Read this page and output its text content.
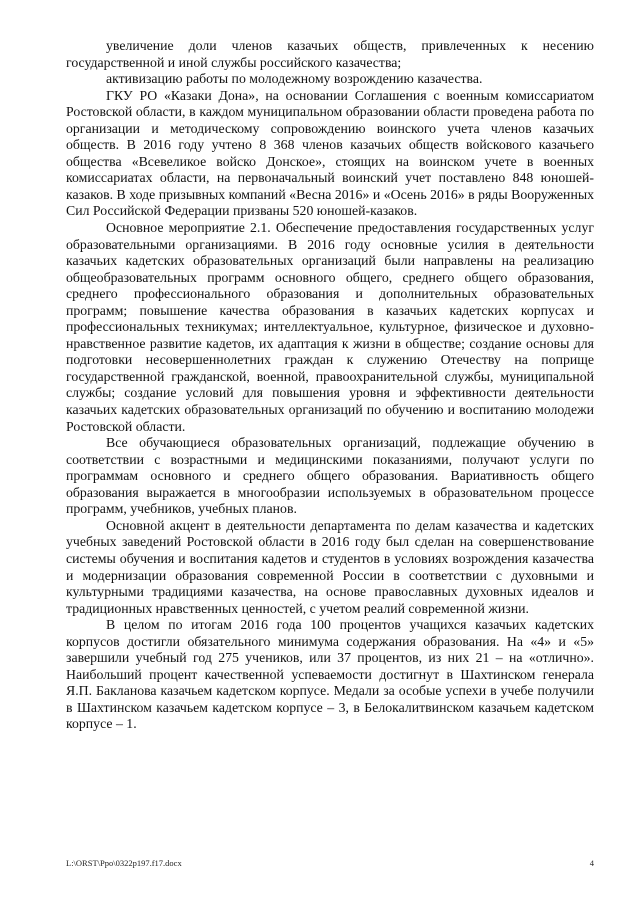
увеличение доли членов казачьих обществ, привлеченных к несению государственной и иной службы российского казачества;

активизацию работы по молодежному возрождению казачества.

ГКУ РО «Казаки Дона», на основании Соглашения с военным комиссариатом Ростовской области, в каждом муниципальном образовании области проведена работа по организации и методическому сопровождению воинского учета членов казачьих обществ. В 2016 году учтено 8 368 членов казачьих обществ войскового казачьего общества «Всевеликое войско Донское», стоящих на воинском учете в военных комиссариатах области, на первоначальный воинский учет поставлено 848 юношей-казаков. В ходе призывных компаний «Весна 2016» и «Осень 2016» в ряды Вооруженных Сил Российской Федерации призваны 520 юношей-казаков.

Основное мероприятие 2.1. Обеспечение предоставления государственных услуг образовательными организациями. В 2016 году основные усилия в деятельности казачьих кадетских образовательных организаций были направлены на реализацию общеобразовательных программ основного общего, среднего общего образования, среднего профессионального образования и дополнительных образовательных программ; повышение качества образования в казачьих кадетских корпусах и профессиональных техникумах; интеллектуальное, культурное, физическое и духовно-нравственное развитие кадетов, их адаптация к жизни в обществе; создание основы для подготовки несовершеннолетних граждан к служению Отечеству на поприще государственной гражданской, военной, правоохранительной службы, муниципальной службы; создание условий для повышения уровня и эффективности деятельности казачьих кадетских образовательных организаций по обучению и воспитанию молодежи Ростовской области.

Все обучающиеся образовательных организаций, подлежащие обучению в соответствии с возрастными и медицинскими показаниями, получают услуги по программам основного и среднего общего образования. Вариативность общего образования выражается в многообразии используемых в образовательном процессе программ, учебников, учебных планов.

Основной акцент в деятельности департамента по делам казачества и кадетских учебных заведений Ростовской области в 2016 году был сделан на совершенствование системы обучения и воспитания кадетов и студентов в условиях возрождения казачества и модернизации образования современной России в соответствии с духовными и культурными традициями казачества, на основе православных духовных идеалов и традиционных нравственных ценностей, с учетом реалий современной жизни.

В целом по итогам 2016 года 100 процентов учащихся казачьих кадетских корпусов достигли обязательного минимума содержания образования. На «4» и «5» завершили учебный год 275 учеников, или 37 процентов, из них 21 – на «отлично». Наибольший процент качественной успеваемости достигнут в Шахтинском генерала Я.П. Бакланова казачьем кадетском корпусе. Медали за особые успехи в учебе получили в Шахтинском казачьем кадетском корпусе – 3, в Белокалитвинском казачьем кадетском корпусе – 1.

L:\ORST\Ppo\0322p197.f17.docx	4
